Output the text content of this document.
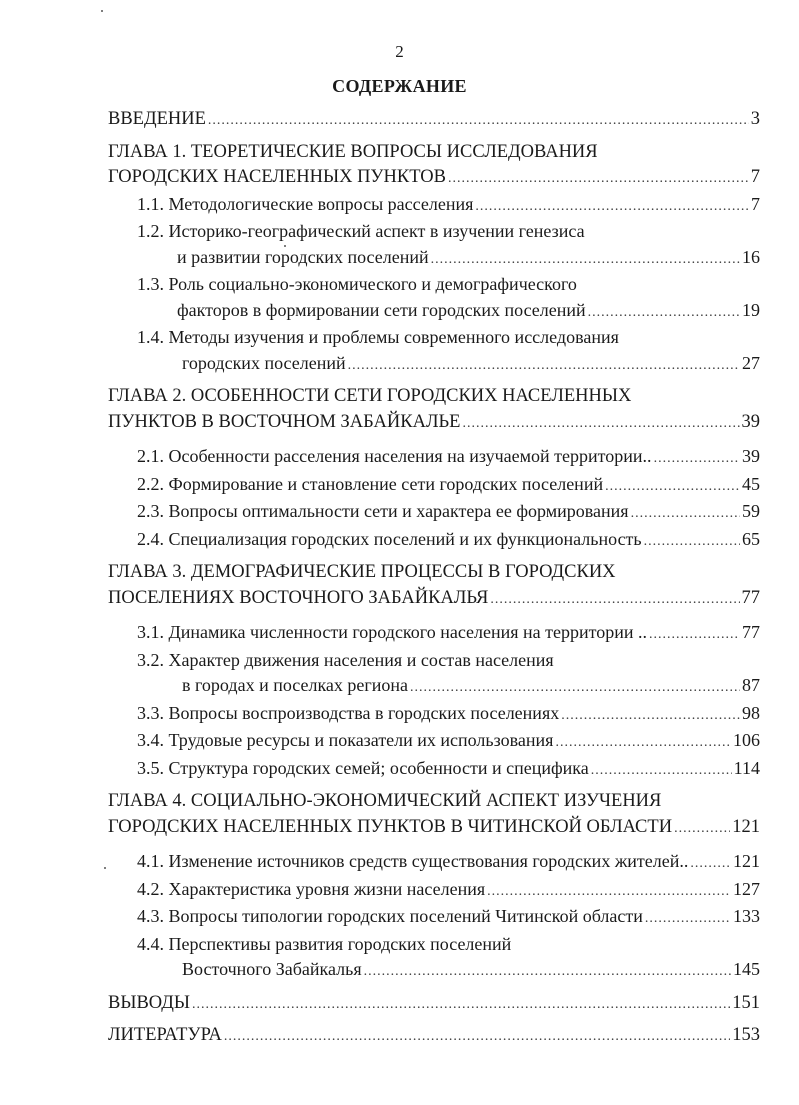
2
СОДЕРЖАНИЕ
ВВЕДЕНИЕ .....	3
ГЛАВА 1. ТЕОРЕТИЧЕСКИЕ ВОПРОСЫ ИССЛЕДОВАНИЯ
ГОРОДСКИХ НАСЕЛЕННЫХ ПУНКТОВ .....	7
1.1. Методологические вопросы расселения .....	7
1.2. Историко-географический аспект в изучении генезиса
и развитии городских поселений .....	16
1.3. Роль социально-экономического и демографического
факторов в формировании сети городских поселений .....	19
1.4. Методы изучения и проблемы современного исследования
городских поселений .....	27
ГЛАВА 2. ОСОБЕННОСТИ СЕТИ ГОРОДСКИХ НАСЕЛЕННЫХ
ПУНКТОВ В ВОСТОЧНОМ ЗАБАЙКАЛЬЕ .....	39
2.1. Особенности расселения населения на изучаемой территории.. .....	39
2.2. Формирование и становление сети городских поселений .....	45
2.3. Вопросы оптимальности сети и характера ее формирования .....	59
2.4. Специализация городских поселений и их функциональность .....	65
ГЛАВА 3. ДЕМОГРАФИЧЕСКИЕ ПРОЦЕССЫ В ГОРОДСКИХ
ПОСЕЛЕНИЯХ ВОСТОЧНОГО ЗАБАЙКАЛЬЯ .....	77
3.1. Динамика численности городского населения на территории .. .....	77
3.2. Характер движения населения и состав населения
в городах и поселках региона .....	87
3.3. Вопросы воспроизводства в городских поселениях .....	98
3.4. Трудовые ресурсы и показатели их использования .....	106
3.5. Структура городских семей; особенности и специфика .....	114
ГЛАВА 4. СОЦИАЛЬНО-ЭКОНОМИЧЕСКИЙ АСПЕКТ ИЗУЧЕНИЯ
ГОРОДСКИХ НАСЕЛЕННЫХ ПУНКТОВ В ЧИТИНСКОЙ ОБЛАСТИ .....	121
4.1. Изменение источников средств существования городских жителей.. ..... 121
4.2. Характеристика уровня жизни населения .....	127
4.3. Вопросы типологии городских поселений Читинской области .....	133
4.4. Перспективы развития городских поселений
Восточного Забайкалья .....	145
ВЫВОДЫ .....	151
ЛИТЕРАТУРА .....	153
